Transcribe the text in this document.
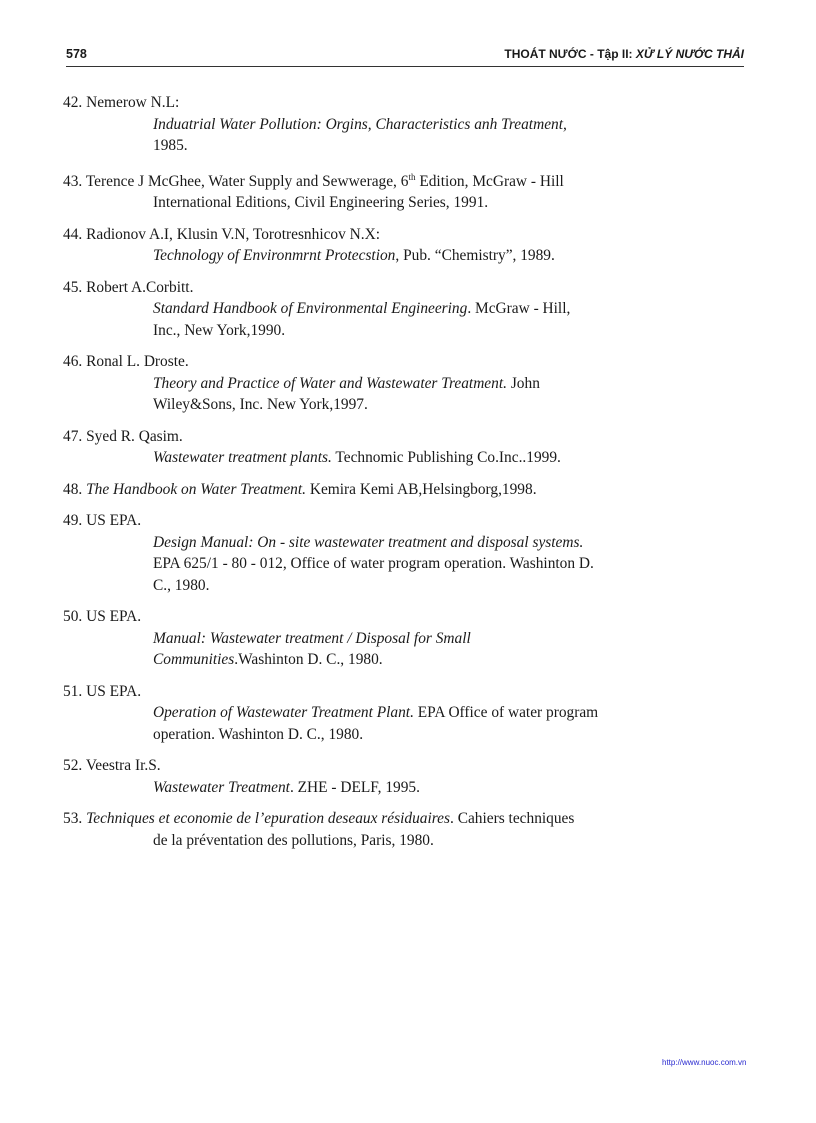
578	THOÁT NƯỚC - Tập II: XỬ LÝ NƯỚC THẢI
42. Nemerow N.L:
Induatrial Water Pollution: Orgins, Characteristics anh Treatment,
1985.
43. Terence J McGhee, Water Supply and Sewwerage, 6th Edition, McGraw - Hill
International Editions, Civil Engineering Series, 1991.
44. Radionov A.I, Klusin V.N, Torotresnhicov N.X:
Technology of Environmrnt Protecstion, Pub. “Chemistry”, 1989.
45. Robert A.Corbitt.
Standard Handbook of Environmental Engineering. McGraw - Hill,
Inc., New York,1990.
46. Ronal L. Droste.
Theory and Practice of Water and Wastewater Treatment. John
Wiley&Sons, Inc. New York,1997.
47. Syed R. Qasim.
Wastewater treatment plants. Technomic Publishing Co.Inc..1999.
48. The Handbook on Water Treatment. Kemira Kemi AB,Helsingborg,1998.
49. US EPA.
Design Manual: On - site wastewater treatment and disposal systems.
EPA 625/1 - 80 - 012, Office of water program operation. Washinton D.
C., 1980.
50. US EPA.
Manual: Wastewater treatment / Disposal for Small
Communities.Washinton D. C., 1980.
51. US EPA.
Operation of Wastewater Treatment Plant. EPA Office of water program
operation. Washinton D. C., 1980.
52. Veestra Ir.S.
Wastewater Treatment. ZHE - DELF, 1995.
53. Techniques et economie de l’epuration deseaux résiduaires. Cahiers techniques
de la préventation des pollutions, Paris, 1980.
http://www.nuoc.com.vn
